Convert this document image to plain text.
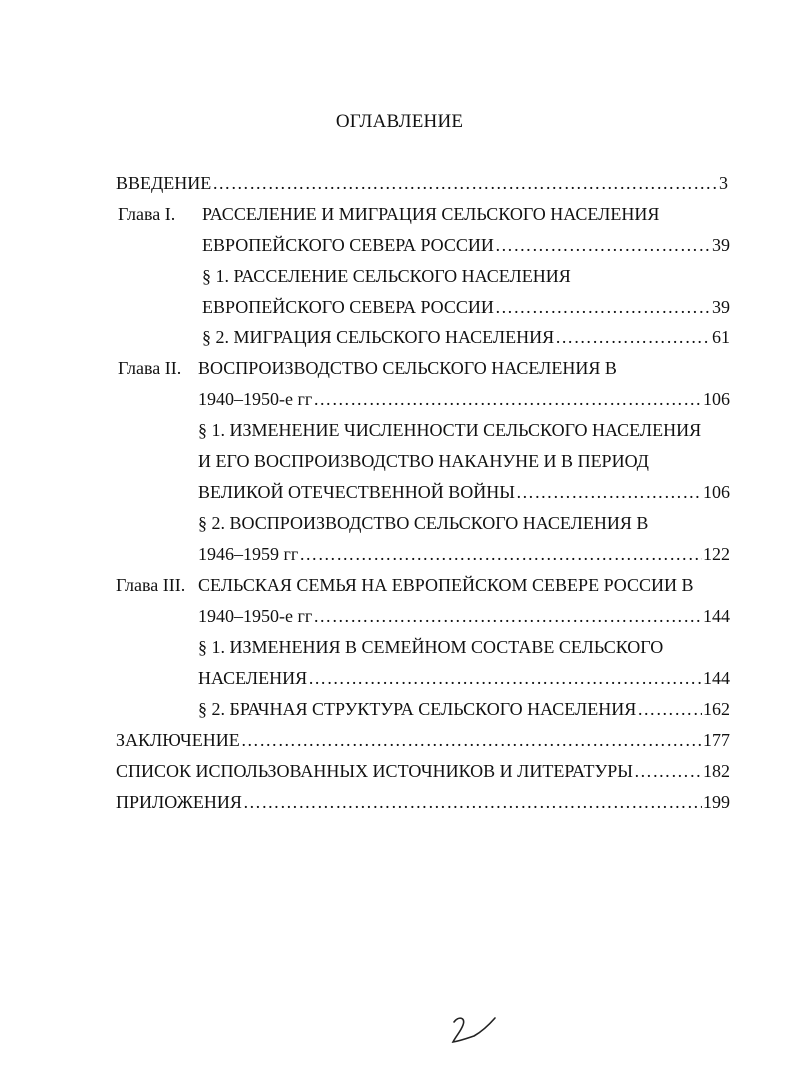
ОГЛАВЛЕНИЕ
ВВЕДЕНИЕ ………………………………………………………………………………………………………………………………………………………………………………	3
Глава I. РАССЕЛЕНИЕ И МИГРАЦИЯ СЕЛЬСКОГО НАСЕЛЕНИЯ
ЕВРОПЕЙСКОГО СЕВЕРА РОССИИ ………………………………………………………………………………………………………………………………………………………………………………	39
§ 1. РАССЕЛЕНИЕ СЕЛЬСКОГО НАСЕЛЕНИЯ
ЕВРОПЕЙСКОГО СЕВЕРА РОССИИ ………………………………………………………………………………………………………………………………………………………………………………	39
§ 2. МИГРАЦИЯ СЕЛЬСКОГО НАСЕЛЕНИЯ ………………………………………………………………………………………………………………………………………………………………………………	61
Глава II. ВОСПРОИЗВОДСТВО СЕЛЬСКОГО НАСЕЛЕНИЯ В
1940–1950-е гг ………………………………………………………………………………………………………………………………………………………………………………	106
§ 1. ИЗМЕНЕНИЕ ЧИСЛЕННОСТИ СЕЛЬСКОГО НАСЕЛЕНИЯ
И ЕГО ВОСПРОИЗВОДСТВО НАКАНУНЕ И В ПЕРИОД
ВЕЛИКОЙ ОТЕЧЕСТВЕННОЙ ВОЙНЫ ………………………………………………………………………………………………………………………………………………………………………………	106
§ 2. ВОСПРОИЗВОДСТВО СЕЛЬСКОГО НАСЕЛЕНИЯ В
1946–1959 гг ………………………………………………………………………………………………………………………………………………………………………………	122
Глава III. СЕЛЬСКАЯ СЕМЬЯ НА ЕВРОПЕЙСКОМ СЕВЕРЕ РОССИИ В
1940–1950-е гг ………………………………………………………………………………………………………………………………………………………………………………	144
§ 1. ИЗМЕНЕНИЯ В СЕМЕЙНОМ СОСТАВЕ СЕЛЬСКОГО
НАСЕЛЕНИЯ ………………………………………………………………………………………………………………………………………………………………………………	144
§ 2. БРАЧНАЯ СТРУКТУРА СЕЛЬСКОГО НАСЕЛЕНИЯ ………………………………………………………………………………………………………………………………………………………………………………	162
ЗАКЛЮЧЕНИЕ ………………………………………………………………………………………………………………………………………………………………………………	177
СПИСОК ИСПОЛЬЗОВАННЫХ ИСТОЧНИКОВ И ЛИТЕРАТУРЫ ………………………………………………………………………………………………………………………………………………………………………………	182
ПРИЛОЖЕНИЯ ………………………………………………………………………………………………………………………………………………………………………………	199
